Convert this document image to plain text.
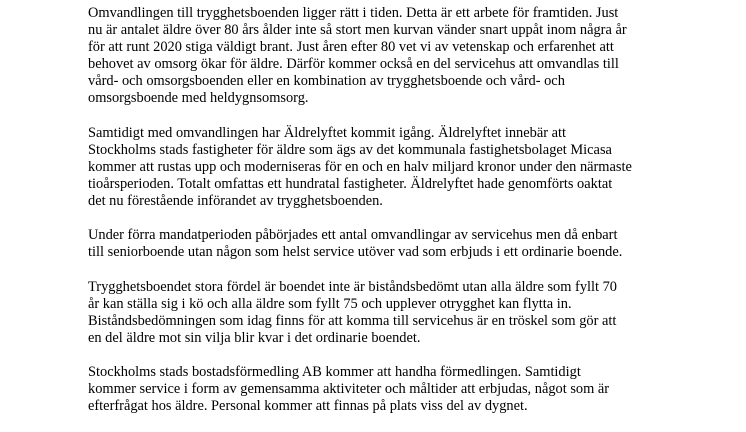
Omvandlingen till trygghetsboenden ligger rätt i tiden. Detta är ett arbete för framtiden. Just
nu är antalet äldre över 80 års ålder inte så stort men kurvan vänder snart uppåt inom några år
för att runt 2020 stiga väldigt brant. Just åren efter 80 vet vi av vetenskap och erfarenhet att
behovet av omsorg ökar för äldre. Därför kommer också en del servicehus att omvandlas till
vård- och omsorgsboenden eller en kombination av trygghetsboende och vård- och
omsorgsboende med heldygnsomsorg.

Samtidigt med omvandlingen har Äldrelyftet kommit igång. Äldrelyftet innebär att
Stockholms stads fastigheter för äldre som ägs av det kommunala fastighetsbolaget Micasa
kommer att rustas upp och moderniseras för en och en halv miljard kronor under den närmaste
tioårsperioden. Totalt omfattas ett hundratal fastigheter. Äldrelyftet hade genomförts oaktat
det nu förestående införandet av trygghetsboenden.

Under förra mandatperioden påbörjades ett antal omvandlingar av servicehus men då enbart
till seniorboende utan någon som helst service utöver vad som erbjuds i ett ordinarie boende.

Trygghetsboendet stora fördel är boendet inte är biståndsbedömt utan alla äldre som fyllt 70
år kan ställa sig i kö och alla äldre som fyllt 75 och upplever otrygghet kan flytta in.
Biståndsbedömningen som idag finns för att komma till servicehus är en tröskel som gör att
en del äldre mot sin vilja blir kvar i det ordinarie boendet.

Stockholms stads bostadsförmedling AB kommer att handha förmedlingen. Samtidigt
kommer service i form av gemensamma aktiviteter och måltider att erbjudas, något som är
efterfrågat hos äldre. Personal kommer att finnas på plats viss del av dygnet.
